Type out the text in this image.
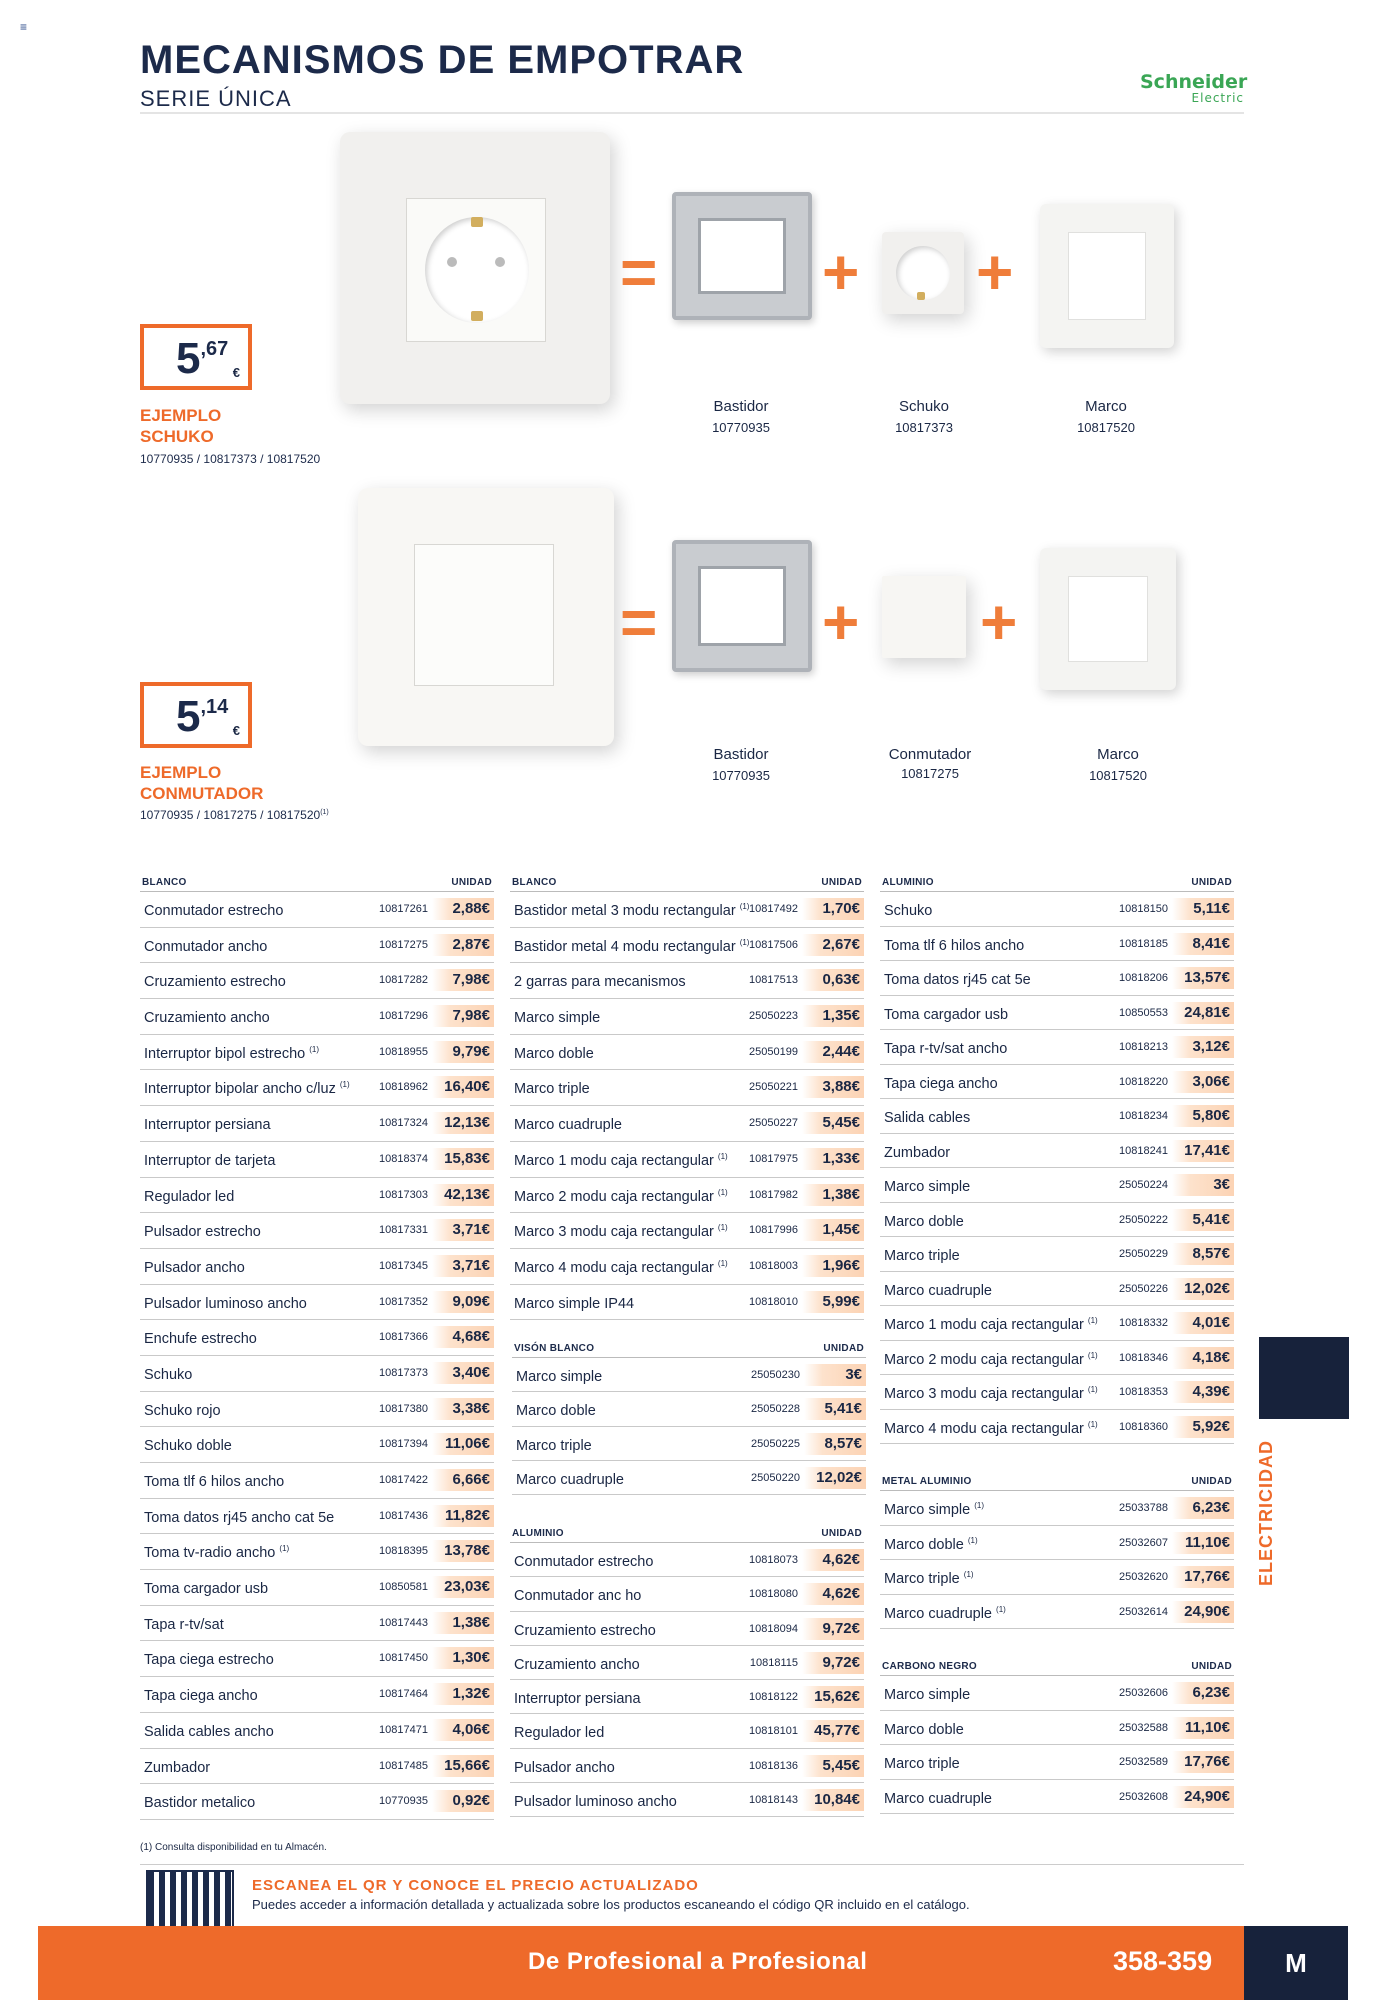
≡
MECANISMOS DE EMPOTRAR
SERIE ÚNICA
Schneider
Electric
$5^{,67}$
€
EJEMPLO
SCHUKO
10770935 / 10817373 / 10817520
=	+ +
Bastidor
10770935
Schuko
10817373
Marco
10817520
$5^{,14}$
€
EJEMPLO
CONMUTADOR
$10770935 / 10817275 / 10817520^{(1)}$
=	+ +
Bastidor
10770935
Conmutador
10817275
Marco
10817520
BLANCO	UNIDAD
Conmutador estrecho	10817261	2,88€
Conmutador ancho	10817275	2,87€
Cruzamiento estrecho	10817282	7,98€
Cruzamiento ancho	10817296	7,98€
Interruptor bipol estrecho $^{(1)}$	10818955	9,79€
Interruptor bipolar ancho c/luz $^{(1)}$	10818962	16,40€
Interruptor persiana	10817324	12,13€
Interruptor de tarjeta	10818374	15,83€
Regulador led	10817303	42,13€
Pulsador estrecho	10817331	3,71€
Pulsador ancho	10817345	3,71€
Pulsador luminoso ancho	10817352	9,09€
Enchufe estrecho	10817366	4,68€
Schuko	10817373	3,40€
Schuko rojo	10817380	3,38€
Schuko doble	10817394	11,06€
Toma tlf 6 hilos ancho	10817422	6,66€
Toma datos rj45 ancho cat 5e	10817436	11,82€
Toma tv-radio ancho $^{(1)}$	10818395	13,78€
Toma cargador usb	10850581	23,03€
Tapa r-tv/sat	10817443	1,38€
Tapa ciega estrecho	10817450	1,30€
Tapa ciega ancho	10817464	1,32€
Salida cables ancho	10817471	4,06€
Zumbador	10817485	15,66€
Bastidor metalico	10770935	0,92€
BLANCO	UNIDAD
Bastidor metal 3 modu rectangular $^{(1)}$ 10817492	1,70€
Bastidor metal 4 modu rectangular $^{(1)}$ 10817506	2,67€
2 garras para mecanismos	10817513	0,63€
Marco simple	25050223	1,35€
Marco doble	25050199	2,44€
Marco triple	25050221	3,88€
Marco cuadruple	25050227	5,45€
Marco 1 modu caja rectangular $^{(1)}$ 10817975	1,33€
Marco 2 modu caja rectangular $^{(1)}$ 10817982	1,38€
Marco 3 modu caja rectangular $^{(1)}$ 10817996	1,45€
Marco 4 modu caja rectangular $^{(1)}$ 10818003	1,96€
Marco simple IP44	10818010	5,99€
VISÓN BLANCO	UNIDAD
Marco simple	25050230	3€
Marco doble	25050228	5,41€
Marco triple	25050225	8,57€
Marco cuadruple	25050220	12,02€
ALUMINIO	UNIDAD
Conmutador estrecho	10818073	4,62€
Conmutador anc ho	10818080	4,62€
Cruzamiento estrecho	10818094	9,72€
Cruzamiento ancho	10818115	9,72€
Interruptor persiana	10818122	15,62€
Regulador led	10818101	45,77€
Pulsador ancho	10818136	5,45€
Pulsador luminoso ancho	10818143	10,84€
ALUMINIO	UNIDAD
Schuko	10818150	5,11€
Toma tlf 6 hilos ancho	10818185	8,41€
Toma datos rj45 cat 5e	10818206	13,57€
Toma cargador usb	10850553	24,81€
Tapa r-tv/sat ancho	10818213	3,12€
Tapa ciega ancho	10818220	3,06€
Salida cables	10818234	5,80€
Zumbador	10818241	17,41€
Marco simple	25050224	3€
Marco doble	25050222	5,41€
Marco triple	25050229	8,57€
Marco cuadruple	25050226	12,02€
Marco 1 modu caja rectangular $^{(1)}$ 10818332	4,01€
Marco 2 modu caja rectangular $^{(1)}$ 10818346	4,18€
Marco 3 modu caja rectangular $^{(1)}$ 10818353	4,39€
Marco 4 modu caja rectangular $^{(1)}$ 10818360	5,92€
METAL ALUMINIO	UNIDAD
Marco simple $^{(1)}$	25033788	6,23€
Marco doble $^{(1)}$	25032607	11,10€
Marco triple $^{(1)}$	25032620	17,76€
Marco cuadruple $^{(1)}$	25032614	24,90€
CARBONO NEGRO	UNIDAD
Marco simple	25032606	6,23€
Marco doble	25032588	11,10€
Marco triple	25032589	17,76€
Marco cuadruple	25032608	24,90€
ELECTRICIDAD
(1) Consulta disponibilidad en tu Almacén.
ESCANEA EL QR Y CONOCE EL PRECIO ACTUALIZADO
Puedes acceder a información detallada y actualizada sobre los productos escaneando el código QR incluido en el catálogo.
De Profesional a Profesional	358-359	M
